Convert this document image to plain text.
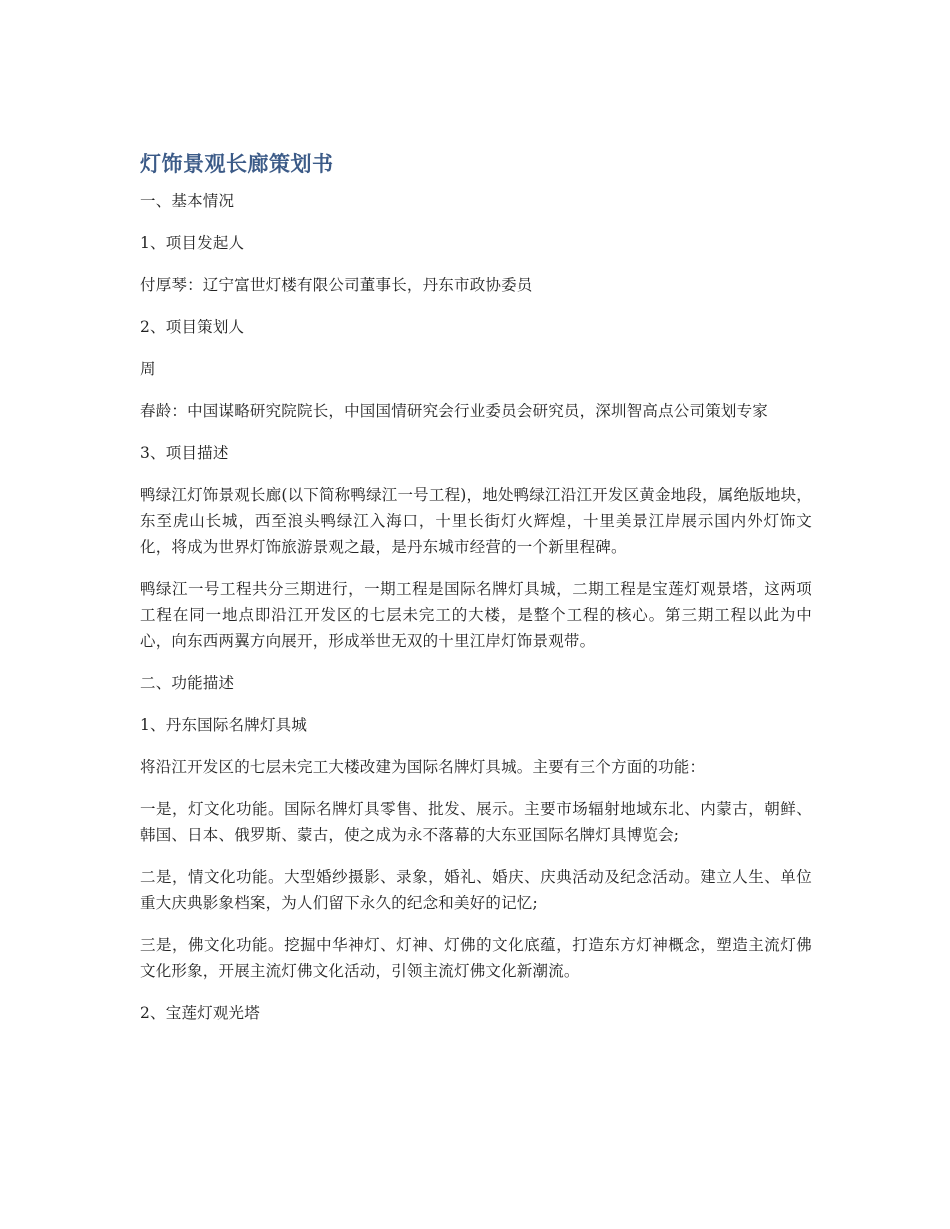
灯饰景观长廊策划书

一、基本情况

1、项目发起人

付厚琴：辽宁富世灯楼有限公司董事长，丹东市政协委员

2、项目策划人

周

春龄：中国谋略研究院院长，中国国情研究会行业委员会研究员，深圳智高点公司策划专家

3、项目描述

鸭绿江灯饰景观长廊(以下简称鸭绿江一号工程)，地处鸭绿江沿江开发区黄金地段，属绝版地块，东至虎山长城，西至浪头鸭绿江入海口，十里长街灯火辉煌，十里美景江岸展示国内外灯饰文化，将成为世界灯饰旅游景观之最，是丹东城市经营的一个新里程碑。

鸭绿江一号工程共分三期进行，一期工程是国际名牌灯具城，二期工程是宝莲灯观景塔，这两项工程在同一地点即沿江开发区的七层未完工的大楼，是整个工程的核心。第三期工程以此为中心，向东西两翼方向展开，形成举世无双的十里江岸灯饰景观带。

二、功能描述

1、丹东国际名牌灯具城

将沿江开发区的七层未完工大楼改建为国际名牌灯具城。主要有三个方面的功能：

一是，灯文化功能。国际名牌灯具零售、批发、展示。主要市场辐射地域东北、内蒙古，朝鲜、韩国、日本、俄罗斯、蒙古，使之成为永不落幕的大东亚国际名牌灯具博览会;

二是，情文化功能。大型婚纱摄影、录象，婚礼、婚庆、庆典活动及纪念活动。建立人生、单位重大庆典影象档案，为人们留下永久的纪念和美好的记忆;

三是，佛文化功能。挖掘中华神灯、灯神、灯佛的文化底蕴，打造东方灯神概念，塑造主流灯佛文化形象，开展主流灯佛文化活动，引领主流灯佛文化新潮流。

2、宝莲灯观光塔
